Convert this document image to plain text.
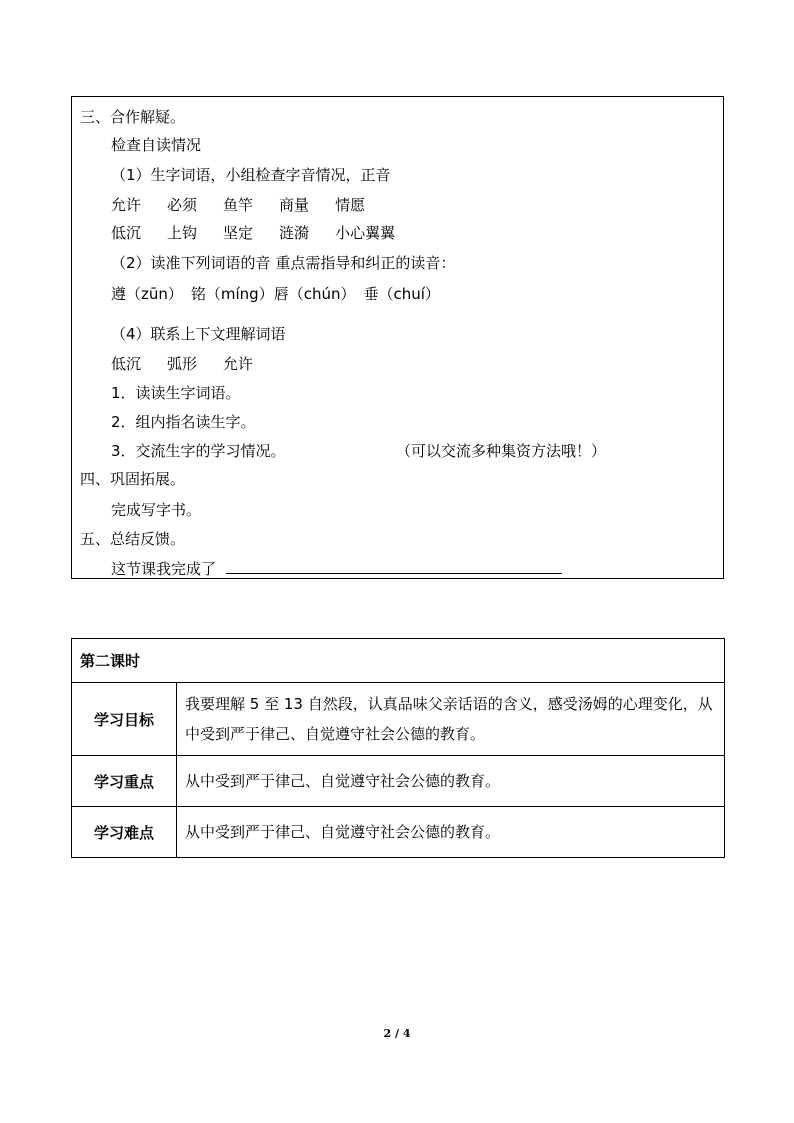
三、合作解疑。
检查自读情况
（1）生字词语，小组检查字音情况，正音
允许 必须 鱼竿 商量 情愿
低沉 上钩 坚定 涟漪 小心翼翼
（2）读准下列词语的音 重点需指导和纠正的读音：
遵（zūn） 铭（míng）唇（chún） 垂（chuí）
（4）联系上下文理解词语
低沉 弧形 允许
1．读读生字词语。
2．组内指名读生字。
3．交流生字的学习情况。	（可以交流多种集资方法哦！）
四、巩固拓展。
完成写字书。
五、总结反馈。
这节课我完成了
第二课时	
学习目标	我要理解 5 至 13 自然段，认真品味父亲话语的含义，感受汤姆的心理变化，从中受到严于律己、自觉遵守社会公德的教育。
学习重点	从中受到严于律己、自觉遵守社会公德的教育。
学习难点	从中受到严于律己、自觉遵守社会公德的教育。
2 / 4
